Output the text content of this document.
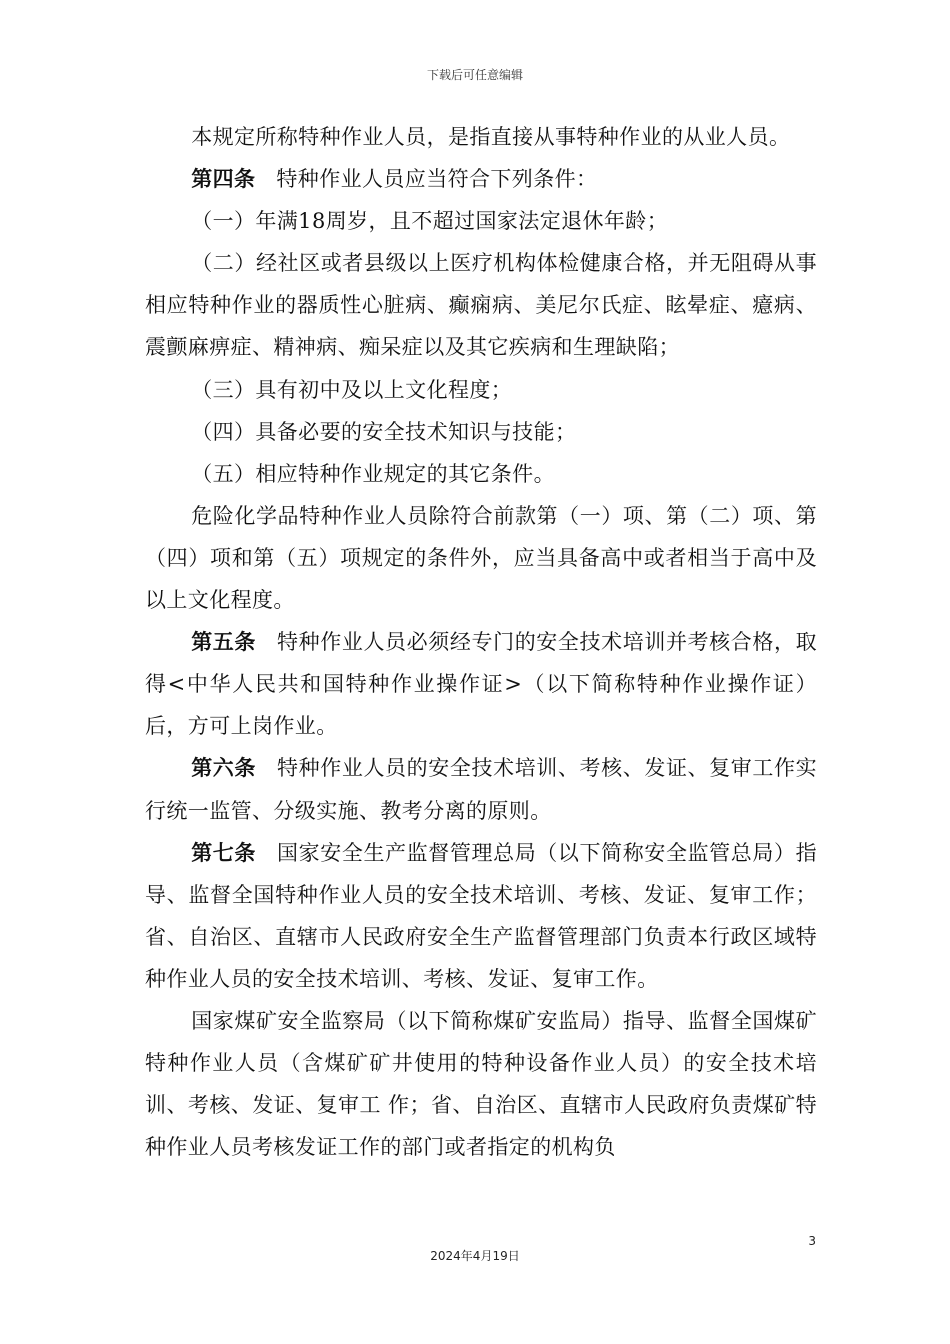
下载后可任意编辑

本规定所称特种作业人员，是指直接从事特种作业的从业人员。

第四条 特种作业人员应当符合下列条件：

（一）年满18周岁，且不超过国家法定退休年龄；

（二）经社区或者县级以上医疗机构体检健康合格，并无阻碍从事相应特种作业的器质性心脏病、癫痫病、美尼尔氏症、眩晕症、癔病、震颤麻痹症、精神病、痴呆症以及其它疾病和生理缺陷；

（三）具有初中及以上文化程度；

（四）具备必要的安全技术知识与技能；

（五）相应特种作业规定的其它条件。

危险化学品特种作业人员除符合前款第（一）项、第（二）项、第（四）项和第（五）项规定的条件外，应当具备高中或者相当于高中及以上文化程度。

第五条 特种作业人员必须经专门的安全技术培训并考核合格，取得<中华人民共和国特种作业操作证>（以下简称特种作业操作证）后，方可上岗作业。

第六条 特种作业人员的安全技术培训、考核、发证、复审工作实行统一监管、分级实施、教考分离的原则。

第七条 国家安全生产监督管理总局（以下简称安全监管总局）指导、监督全国特种作业人员的安全技术培训、考核、发证、复审工作；省、自治区、直辖市人民政府安全生产监督管理部门负责本行政区域特种作业人员的安全技术培训、考核、发证、复审工作。

国家煤矿安全监察局（以下简称煤矿安监局）指导、监督全国煤矿特种作业人员（含煤矿矿井使用的特种设备作业人员）的安全技术培训、考核、发证、复审工 作；省、自治区、直辖市人民政府负责煤矿特种作业人员考核发证工作的部门或者指定的机构负

3
2024年4月19日
